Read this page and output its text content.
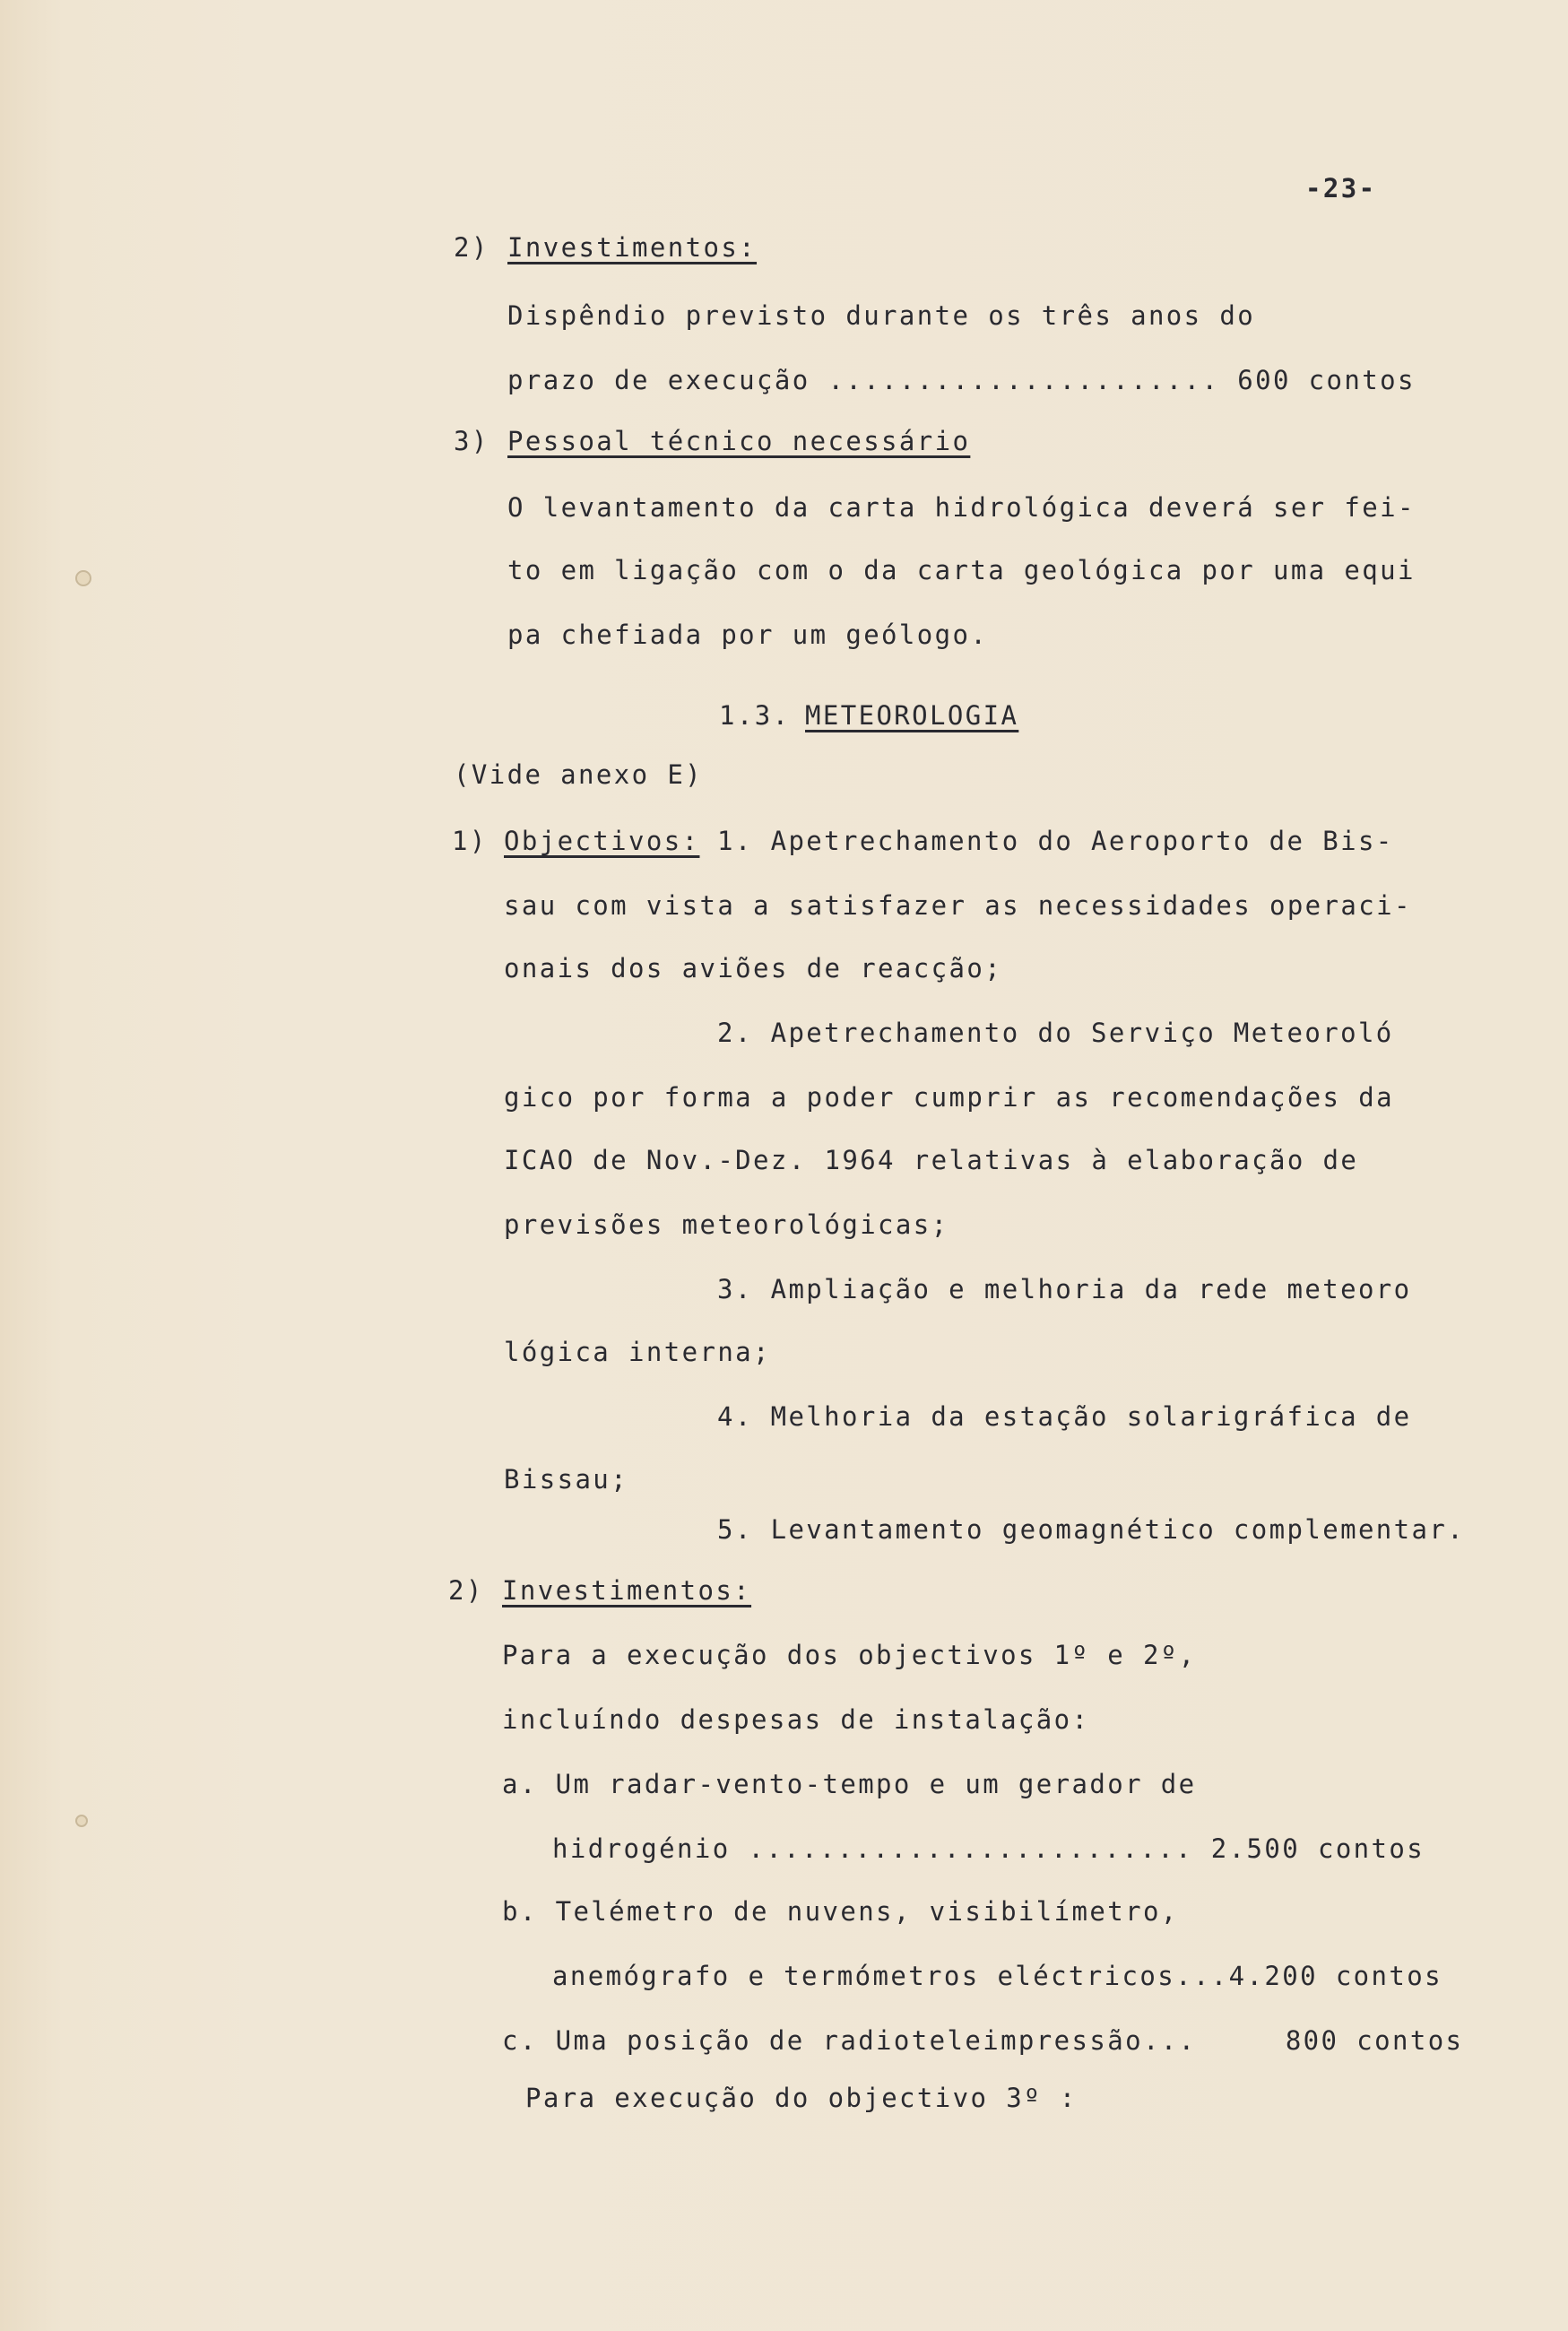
-23-
2) Investimentos:
Dispêndio previsto durante os três anos do
prazo de execução ...................... 600 contos
3) Pessoal técnico necessário
O levantamento da carta hidrológica deverá ser fei-
to em ligação com o da carta geológica por uma equi
pa chefiada por um geólogo.
1.3. METEOROLOGIA
(Vide anexo E)
1) Objectivos: 1. Apetrechamento do Aeroporto de Bis-
sau com vista a satisfazer as necessidades operaci-
onais dos aviões de reacção;
2. Apetrechamento do Serviço Meteoroló
gico por forma a poder cumprir as recomendações da
ICAO de Nov.-Dez. 1964 relativas à elaboração de
previsões meteorológicas;
3. Ampliação e melhoria da rede meteoro
lógica interna;
4. Melhoria da estação solarigráfica de
Bissau;
5. Levantamento geomagnético complementar.
2) Investimentos:
Para a execução dos objectivos 1º e 2º,
incluíndo despesas de instalação:
a. Um radar-vento-tempo e um gerador de
hidrogénio ......................... 2.500 contos
b. Telémetro de nuvens, visibilímetro,
anemógrafo e termómetros eléctricos...4.200 contos
c. Uma posição de radioteleimpressão...     800 contos
Para execução do objectivo 3º :
